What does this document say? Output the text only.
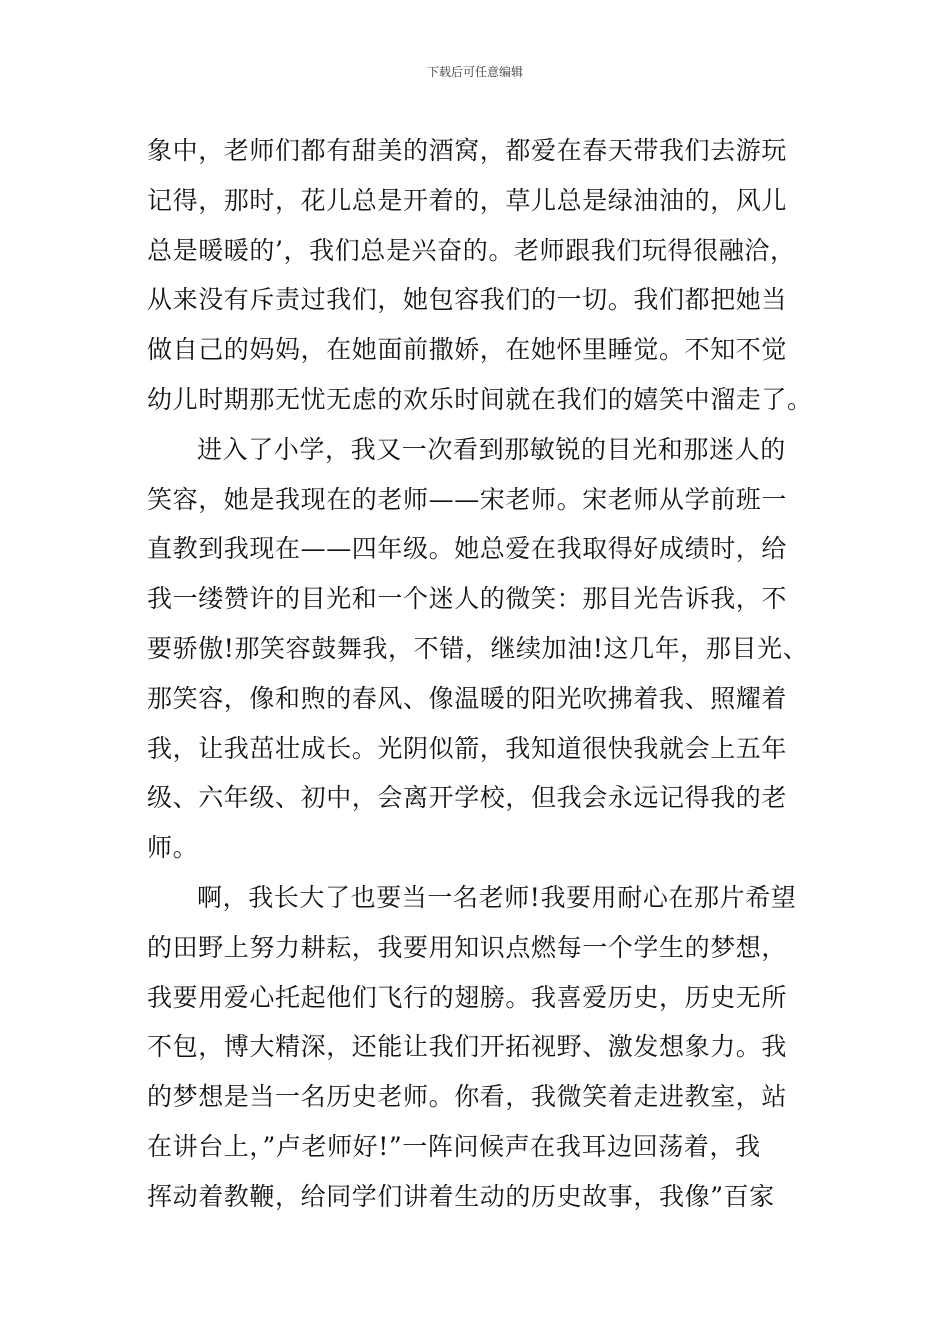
下载后可任意编辑
象中，老师们都有甜美的酒窝，都爱在春天带我们去游玩
记得，那时，花儿总是开着的，草儿总是绿油油的，风儿
总是暖暖的’，我们总是兴奋的。老师跟我们玩得很融洽，
从来没有斥责过我们，她包容我们的一切。我们都把她当
做自己的妈妈，在她面前撒娇，在她怀里睡觉。不知不觉
幼儿时期那无忧无虑的欢乐时间就在我们的嬉笑中溜走了。
进入了小学，我又一次看到那敏锐的目光和那迷人的
笑容，她是我现在的老师——宋老师。宋老师从学前班一
直教到我现在——四年级。她总爱在我取得好成绩时，给
我一缕赞许的目光和一个迷人的微笑：那目光告诉我，不
要骄傲!那笑容鼓舞我，不错，继续加油!这几年，那目光、
那笑容，像和煦的春风、像温暖的阳光吹拂着我、照耀着
我，让我茁壮成长。光阴似箭，我知道很快我就会上五年
级、六年级、初中，会离开学校，但我会永远记得我的老
师。
啊，我长大了也要当一名老师!我要用耐心在那片希望
的田野上努力耕耘，我要用知识点燃每一个学生的梦想，
我要用爱心托起他们飞行的翅膀。我喜爱历史，历史无所
不包，博大精深，还能让我们开拓视野、激发想象力。我
的梦想是当一名历史老师。你看，我微笑着走进教室，站
在讲台上，”卢老师好!”一阵问候声在我耳边回荡着，我
挥动着教鞭，给同学们讲着生动的历史故事，我像”百家
